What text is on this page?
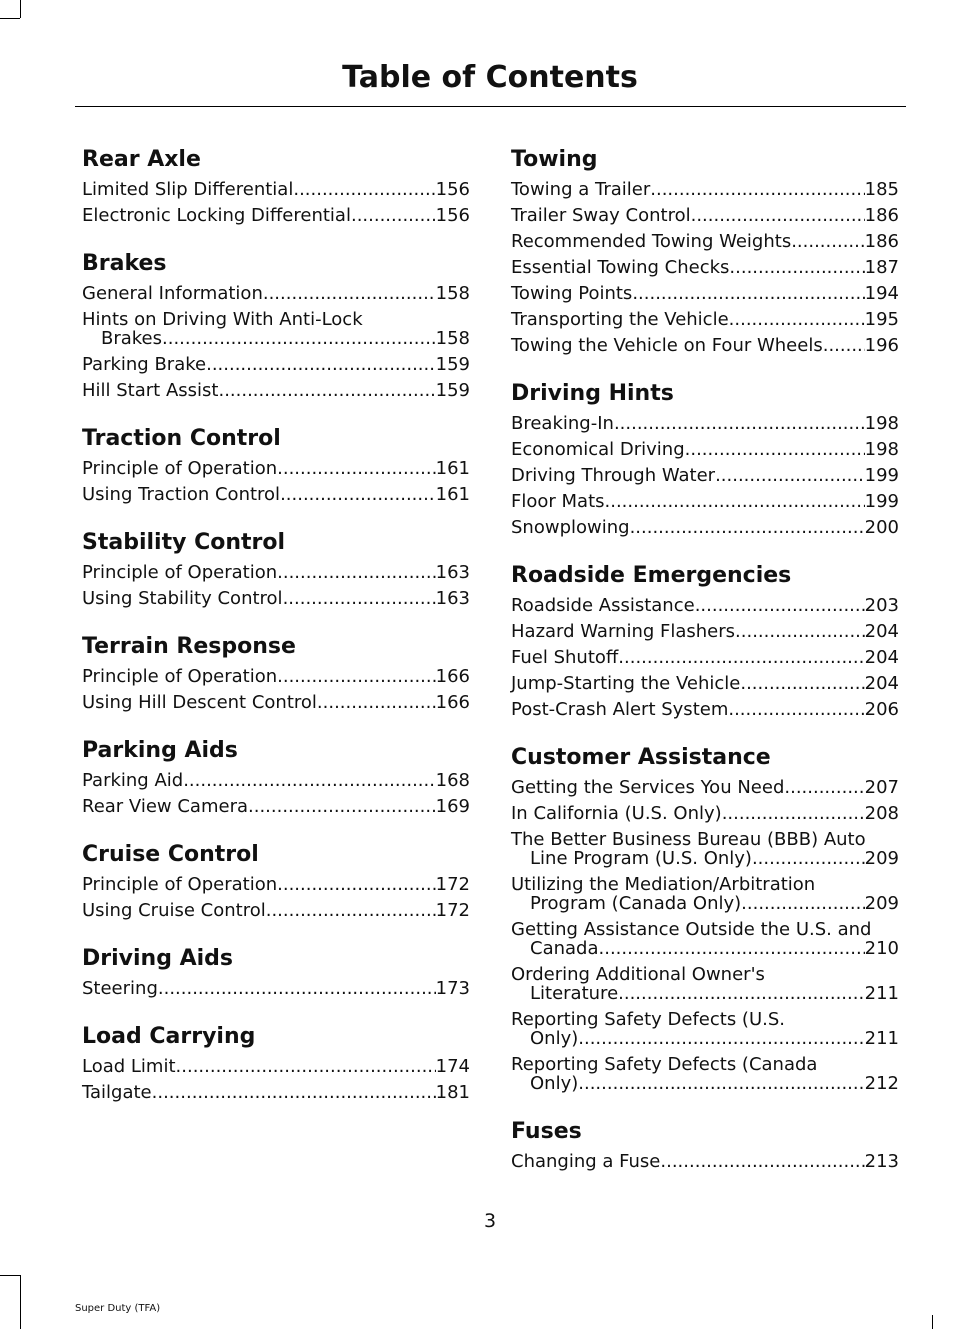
Table of Contents
Rear Axle
Limited Slip Differential .....	156
Electronic Locking Differential .....	156
Brakes
General Information .....	158
Hints on Driving With Anti-Lock
Brakes .....	158
Parking Brake .....	159
Hill Start Assist .....	159
Traction Control
Principle of Operation .....	161
Using Traction Control .....	161
Stability Control
Principle of Operation .....	163
Using Stability Control .....	163
Terrain Response
Principle of Operation .....	166
Using Hill Descent Control .....	166
Parking Aids
Parking Aid .....	168
Rear View Camera .....	169
Cruise Control
Principle of Operation .....	172
Using Cruise Control .....	172
Driving Aids
Steering .....	173
Load Carrying
Load Limit .....	174
Tailgate .....	181
Towing
Towing a Trailer .....	185
Trailer Sway Control .....	186
Recommended Towing Weights .....	186
Essential Towing Checks .....	187
Towing Points .....	194
Transporting the Vehicle .....	195
Towing the Vehicle on Four Wheels ..... 196
Driving Hints
Breaking-In .....	198
Economical Driving .....	198
Driving Through Water .....	199
Floor Mats .....	199
Snowplowing .....	200
Roadside Emergencies
Roadside Assistance .....	203
Hazard Warning Flashers .....	204
Fuel Shutoff .....	204
Jump-Starting the Vehicle .....	204
Post-Crash Alert System .....	206
Customer Assistance
Getting the Services You Need .....	207
In California (U.S. Only) .....	208
The Better Business Bureau (BBB) Auto
Line Program (U.S. Only) .....	209
Utilizing the Mediation/Arbitration
Program (Canada Only) .....	209
Getting Assistance Outside the U.S. and
Canada .....	210
Ordering Additional Owner's
Literature .....	211
Reporting Safety Defects (U.S.
Only) .....	211
Reporting Safety Defects (Canada
Only) .....	212
Fuses
Changing a Fuse .....	213
3
Super Duty (TFA)
